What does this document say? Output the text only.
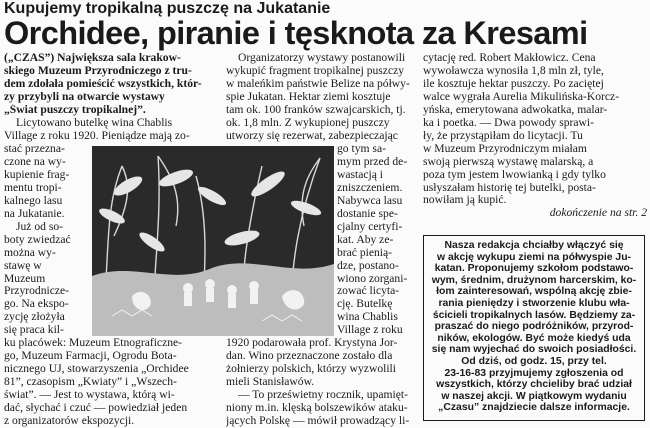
Kupujemy tropikalną puszczę na Jukatanie
Orchidee, piranie i tęsknota za Kresami
(„CZAS”) Największa sala krakow-
skiego Muzeum Przyrodniczego z tru-
dem zdołała pomieścić wszystkich, któr-
zy przybyli na otwarcie wystawy
„Świat puszczy tropikalnej”.
Licytowano butelkę wina Chablis
Village z roku 1920. Pieniądze mają zo-
stać przezna-
czone na wy-
kupienie frag-
mentu tropi-
kalnego lasu
na Jukatanie.
Już od so-
boty zwiedzać
można wy-
stawę w
Muzeum
Przyrodnicze-
go. Na ekspo-
zycję złożyła
się praca kil-
ku placówek: Muzeum Etnograficzne-
go, Muzeum Farmacji, Ogrodu Bota-
nicznego UJ, stowarzyszenia „Orchidee
81”, czasopism „Kwiaty” i „Wszech-
świat”. — Jest to wystawa, którą wi-
dać, słychać i czuć — powiedział jeden
z organizatorów ekspozycji.
Organizatorzy wystawy postanowili
wykupić fragment tropikalnej puszczy
w maleńkim państwie Belize na półwy-
spie Jukatan. Hektar ziemi kosztuje
tam ok. 100 franków szwajcarskich, tj.
ok. 1,8 mln. Z wykupionej puszczy
utworzy się rezerwat, zabezpieczając
go tym sa-
mym przed de-
wastacją i
zniszczeniem.
Nabywca lasu
dostanie spe-
cjalny certyfi-
kat. Aby ze-
brać pienią-
dze, postano-
wiono zorgani-
zować licyta-
cję. Butelkę
wina Chablis
Village z roku
1920 podarowała prof. Krystyna Jor-
dan. Wino przeznaczone zostało dla
żołnierzy polskich, którzy wyzwolili
mieli Stanisławów.
— To prześwietny rocznik, upamięt-
niony m.in. klęską bolszewików ataku-
jących Polskę — mówił prowadzący li-
cytację red. Robert Makłowicz. Cena
wywoławcza wynosiła 1,8 mln zł, tyle,
ile kosztuje hektar puszczy. Po zaciętej
walce wygrała Aurelia Mikulińska-Korcz-
yńska, emerytowana adwokatka, malar-
ka i poetka. — Dwa powody sprawi-
ły, że przystąpiłam do licytacji. Tu
w Muzeum Przyrodniczym miałam
swoją pierwszą wystawę malarską, a
poza tym jestem lwowianką i gdy tylko
usłyszałam historię tej butelki, posta-
nowiłam ją kupić.
dokończenie na str. 2
Nasza redakcja chciałby włączyć się
w akcję wykupu ziemi na półwyspie Ju-
katan. Proponujemy szkołom podstawo-
wym, średnim, drużynom harcerskim, ko-
łom zainteresowań, wspólną akcję zbie-
rania pieniędzy i stworzenie klubu wła-
ścicieli tropikalnych lasów. Będziemy za-
praszać do niego podróżników, przyrod-
ników, ekologów. Być może kiedyś uda
się nam wyjechać do swoich posiadłości.
Od dziś, od godz. 15, przy tel.
23-16-83 przyjmujemy zgłoszenia od
wszystkich, którzy chcieliby brać udział
w naszej akcji. W piątkowym wydaniu
„Czasu” znajdziecie dalsze informacje.
